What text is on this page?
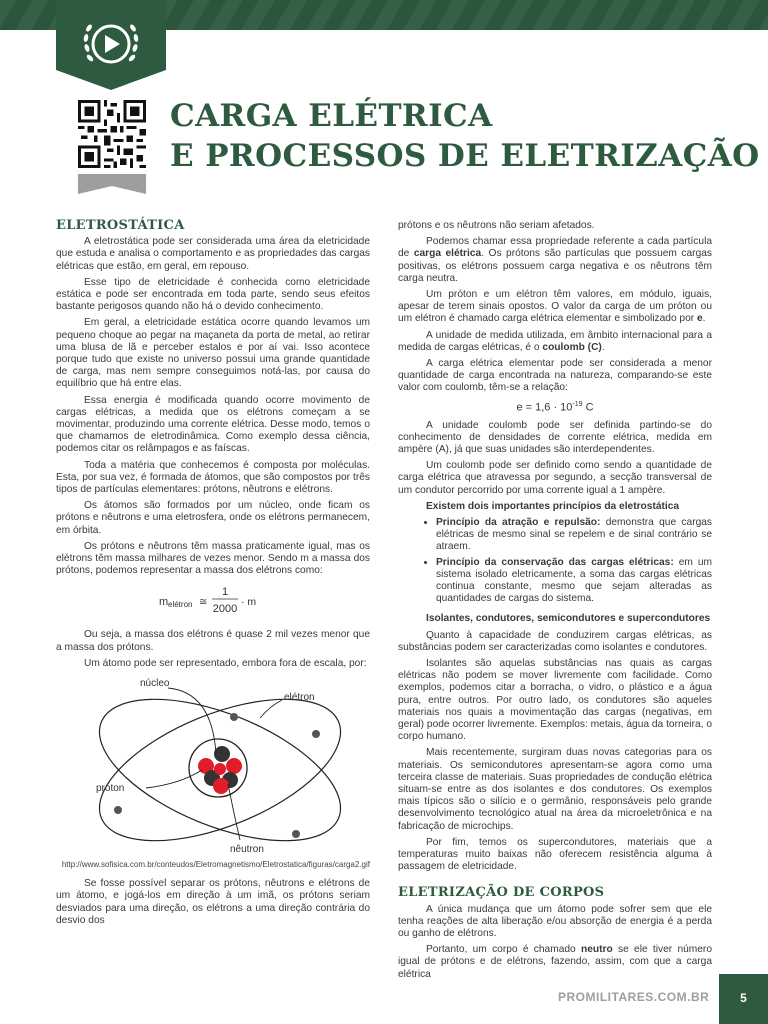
CARGA ELÉTRICA
E PROCESSOS DE ELETRIZAÇÃO
ELETROSTÁTICA

A eletrostática pode ser considerada uma área da eletricidade que estuda e analisa o comportamento e as propriedades das cargas elétricas que estão, em geral, em repouso.

Esse tipo de eletricidade é conhecida como eletricidade estática e pode ser encontrada em toda parte, sendo seus efeitos bastante perigosos quando não há o devido conhecimento.

Em geral, a eletricidade estática ocorre quando levamos um pequeno choque ao pegar na maçaneta da porta de metal, ao retirar uma blusa de lã e perceber estalos e por aí vai. Isso acontece porque tudo que existe no universo possui uma grande quantidade de carga, mas nem sempre conseguimos notá-las, por causa do equilíbrio que há entre elas.

Essa energia é modificada quando ocorre movimento de cargas elétricas, a medida que os elétrons começam a se movimentar, produzindo uma corrente elétrica. Desse modo, temos o que chamamos de eletrodinâmica. Como exemplo dessa ciência, podemos citar os relâmpagos e as faíscas.

Toda a matéria que conhecemos é composta por moléculas. Esta, por sua vez, é formada de átomos, que são compostos por três tipos de partículas elementares: prótons, nêutrons e elétrons.

Os átomos são formados por um núcleo, onde ficam os prótons e nêutrons e uma eletrosfera, onde os elétrons permanecem, em órbita.

Os prótons e nêutrons têm massa praticamente igual, mas os elétrons têm massa milhares de vezes menor. Sendo m a massa dos prótons, podemos representar a massa dos elétrons como:

m elétron ≅
1
2000
· m

Ou seja, a massa dos elétrons é quase 2 mil vezes menor que a massa dos prótons.

Um átomo pode ser representado, embora fora de escala, por:

núcleo
elétron
próton
nêutron
http://www.sofisica.com.br/conteudos/Eletromagnetismo/Eletrostatica/figuras/carga2.gif

Se fosse possível separar os prótons, nêutrons e elétrons de um átomo, e jogá-los em direção à um imã, os prótons seriam desviados para uma direção, os elétrons a uma direção contrária do desvio dos

prótons e os nêutrons não seriam afetados.

Podemos chamar essa propriedade referente a cada partícula de carga elétrica. Os prótons são partículas que possuem cargas positivas, os elétrons possuem carga negativa e os nêutrons têm carga neutra.

Um próton e um elétron têm valores, em módulo, iguais, apesar de terem sinais opostos. O valor da carga de um próton ou um elétron é chamado carga elétrica elementar e simbolizado por e.

A unidade de medida utilizada, em âmbito internacional para a medida de cargas elétricas, é o coulomb (C).

A carga elétrica elementar pode ser considerada a menor quantidade de carga encontrada na natureza, comparando-se este valor com coulomb, têm-se a relação:

$e = 1,6 \cdot 10^{-19}$ C

A unidade coulomb pode ser definida partindo-se do conhecimento de densidades de corrente elétrica, medida em ampère (A), já que suas unidades são interdependentes.

Um coulomb pode ser definido como sendo a quantidade de carga elétrica que atravessa por segundo, a secção transversal de um condutor percorrido por uma corrente igual a 1 ampère.

Existem dois importantes princípios da eletrostática

• Princípio da atração e repulsão: demonstra que cargas elétricas de mesmo sinal se repelem e de sinal contrário se atraem.
• Princípio da conservação das cargas elétricas: em um sistema isolado eletricamente, a soma das cargas elétricas continua constante, mesmo que sejam alteradas as quantidades de cargas do sistema.

Isolantes, condutores, semicondutores e supercondutores

Quanto à capacidade de conduzirem cargas elétricas, as substâncias podem ser caracterizadas como isolantes e condutores.

Isolantes são aquelas substâncias nas quais as cargas elétricas não podem se mover livremente com facilidade. Como exemplos, podemos citar a borracha, o vidro, o plástico e a água pura, entre outros. Por outro lado, os condutores são aqueles materiais nos quais a movimentação das cargas (negativas, em geral) pode ocorrer livremente. Exemplos: metais, água da torneira, o corpo humano.

Mais recentemente, surgiram duas novas categorias para os materiais. Os semicondutores apresentam-se agora como uma terceira classe de materiais. Suas propriedades de condução elétrica situam-se entre as dos isolantes e dos condutores. Os exemplos mais típicos são o silício e o germânio, responsáveis pelo grande desenvolvimento tecnológico atual na área da microeletrônica e na fabricação de microchips.

Por fim, temos os supercondutores, materiais que a temperaturas muito baixas não oferecem resistência alguma à passagem de eletricidade.

ELETRIZAÇÃO DE CORPOS

A única mudança que um átomo pode sofrer sem que ele tenha reações de alta liberação e/ou absorção de energia é a perda ou ganho de elétrons.

Portanto, um corpo é chamado neutro se ele tiver número igual de prótons e de elétrons, fazendo, assim, com que a carga elétrica

PROMILITARES.COM.BR	5
